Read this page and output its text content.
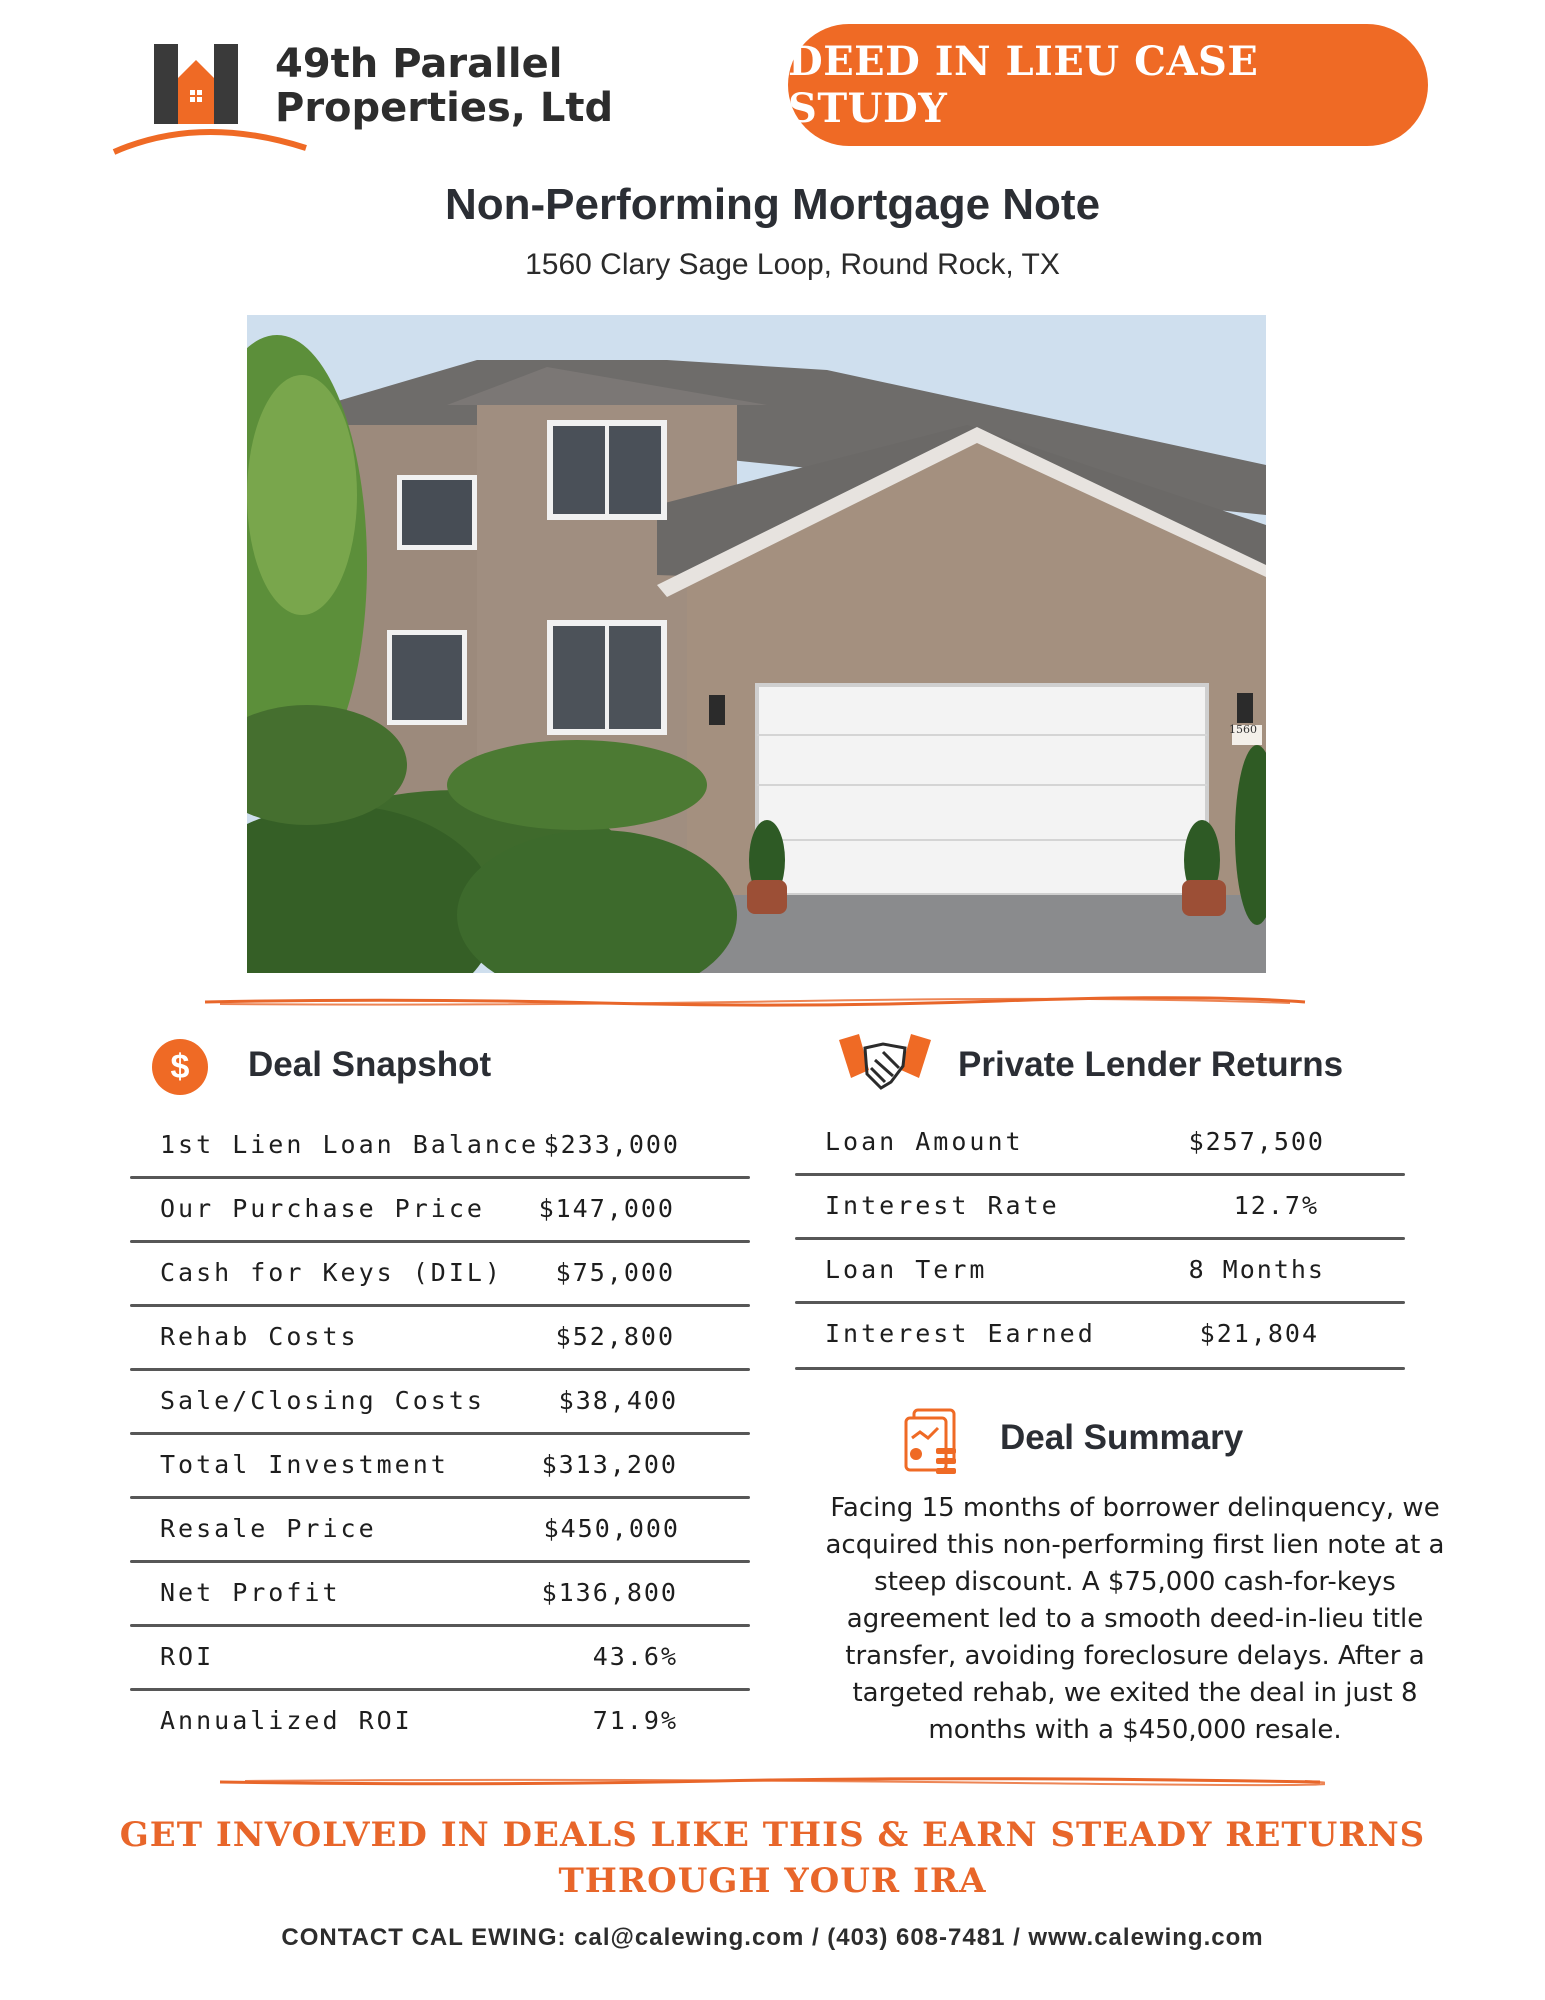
49th Parallel
Properties, Ltd
DEED IN LIEU CASE STUDY
Non-Performing Mortgage Note
1560 Clary Sage Loop, Round Rock, TX
1560
$	Deal Snapshot
1st Lien Loan Balance $233,000
Our Purchase Price $147,000
Cash for Keys (DIL) $75,000
Rehab Costs	$52,800
Sale/Closing Costs	$38,400
Total Investment	$313,200
Resale Price	$450,000
Net Profit	$136,800
ROI	43.6%
Annualized ROI	71.9%
Private Lender Returns
Loan Amount	$257,500
Interest Rate	12.7%
Loan Term	8 Months
Interest Earned	$21,804
Deal Summary
Facing 15 months of borrower delinquency, we acquired this non-performing first lien note at a steep discount. A $75,000 cash-for-keys agreement led to a smooth deed-in-lieu title transfer, avoiding foreclosure delays. After a targeted rehab, we exited the deal in just 8 months with a $450,000 resale.
GET INVOLVED IN DEALS LIKE THIS & EARN STEADY RETURNS
THROUGH YOUR IRA
CONTACT CAL EWING: cal@calewing.com / (403) 608-7481 / www.calewing.com
